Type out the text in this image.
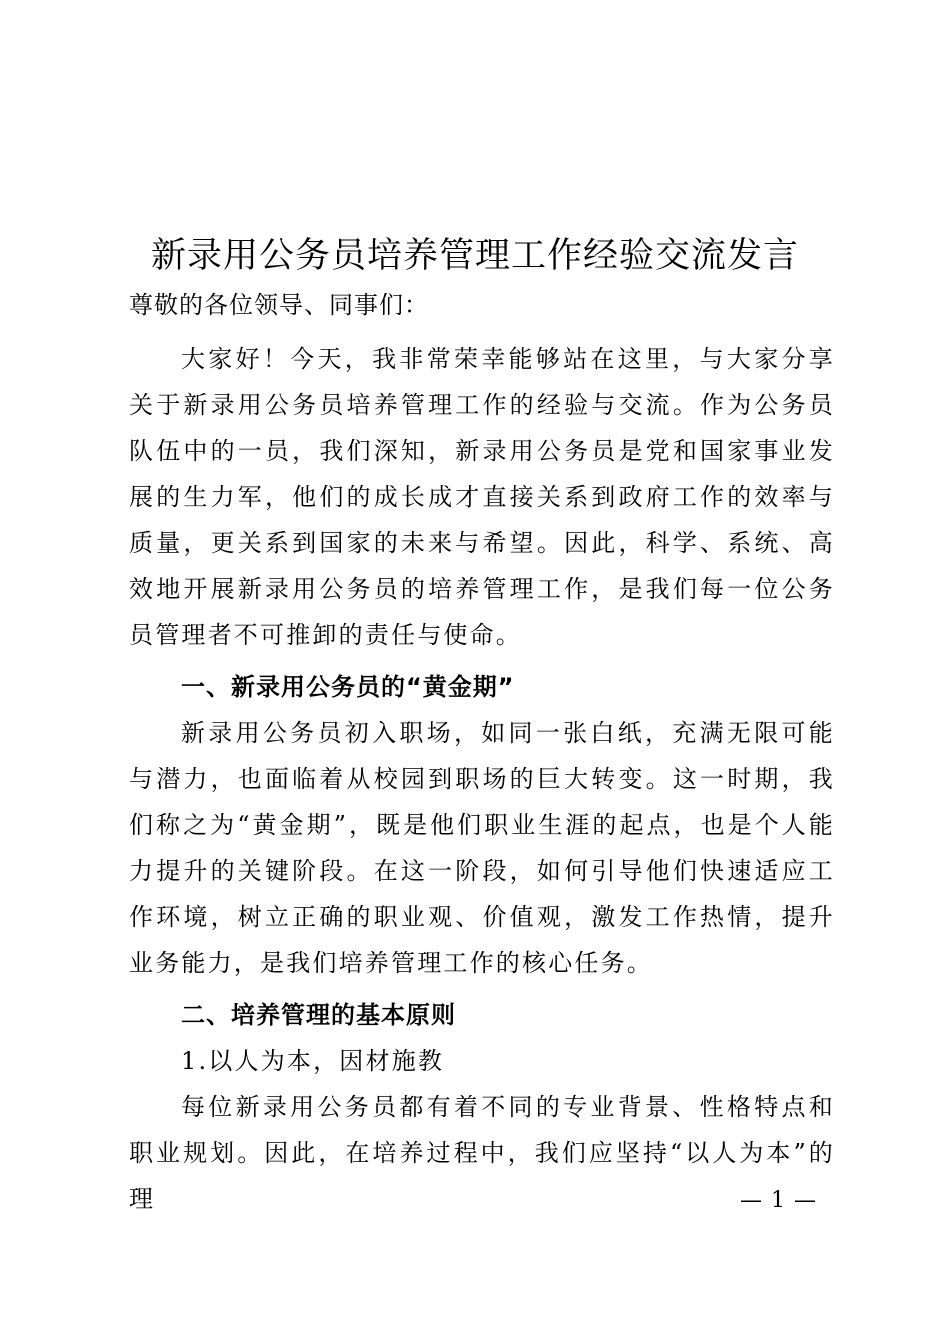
新录用公务员培养管理工作经验交流发言

尊敬的各位领导、同事们：

大家好！今天，我非常荣幸能够站在这里，与大家分享关于新录用公务员培养管理工作的经验与交流。作为公务员队伍中的一员，我们深知，新录用公务员是党和国家事业发展的生力军，他们的成长成才直接关系到政府工作的效率与质量，更关系到国家的未来与希望。因此，科学、系统、高效地开展新录用公务员的培养管理工作，是我们每一位公务员管理者不可推卸的责任与使命。

一、新录用公务员的“黄金期”

新录用公务员初入职场，如同一张白纸，充满无限可能与潜力，也面临着从校园到职场的巨大转变。这一时期，我们称之为“黄金期”，既是他们职业生涯的起点，也是个人能力提升的关键阶段。在这一阶段，如何引导他们快速适应工作环境，树立正确的职业观、价值观，激发工作热情，提升业务能力，是我们培养管理工作的核心任务。

二、培养管理的基本原则

1.以人为本，因材施教

每位新录用公务员都有着不同的专业背景、性格特点和职业规划。因此，在培养过程中，我们应坚持“以人为本”的理	— 1 —
